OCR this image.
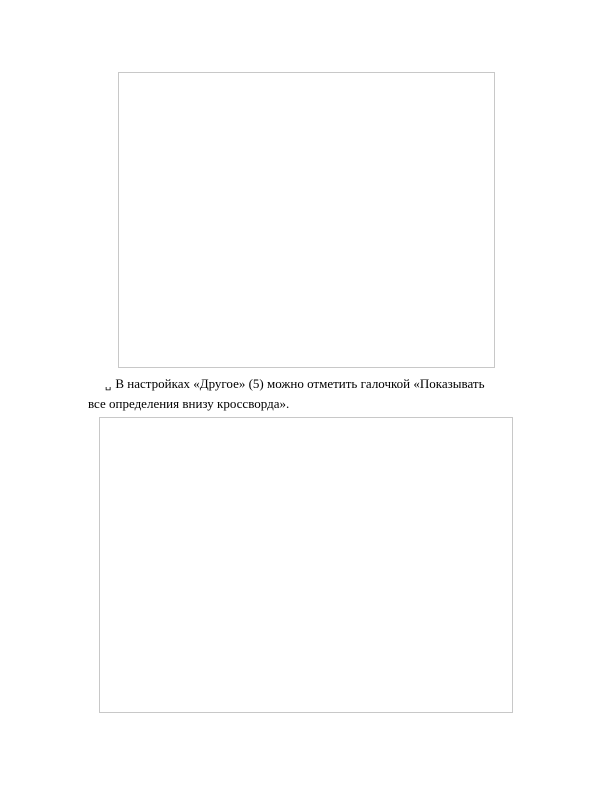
␣ В настройках «Другое» (5) можно отметить галочкой «Показывать
все определения внизу кроссворда».
